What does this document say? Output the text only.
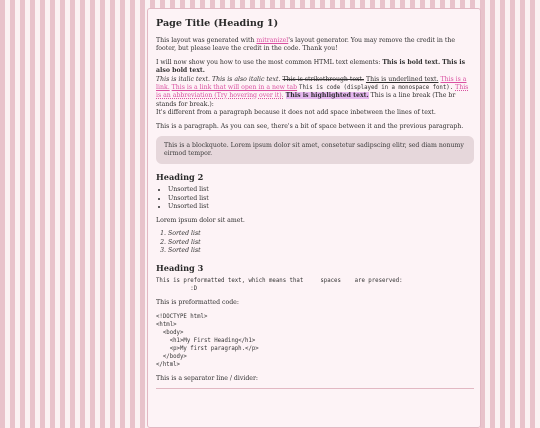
Page Title (Heading 1)

This layout was generated with mitranizel's layout generator. You may remove the credit in the footer, but please leave the credit in the code. Thank you!

I will now show you how to use the most common HTML text elements: This is bold text. This is also bold text.
This is italic text. This is also italic text. This is strikethrough text. This is underlined text. This is a link. This is a link that will open in a new tab This is code (displayed in a monospace font). This is an abbreviation (Try hovering over it). This is highlighted text. This is a line break (The br stands for break.):
It's different from a paragraph because it does not add space inbetween the lines of text.

This is a paragraph. As you can see, there's a bit of space between it and the previous paragraph.

This is a blockquote. Lorem ipsum dolor sit amet, consetetur sadipscing elitr, sed diam nonumy eirmod tempor.
Heading 2
• Unsorted list
• Unsorted list
• Unsorted list

Lorem ipsum dolor sit amet.

1. Sorted list
2. Sorted list
3. Sorted list
Heading 3
This is preformatted text, which means that     spaces    are preserved:
:D

This is preformatted code:

<!DOCTYPE html>
<html>
<body>
<h1>My First Heading</h1>
<p>My first paragraph.</p>
</body>
</html>

This is a separator line / divider:
